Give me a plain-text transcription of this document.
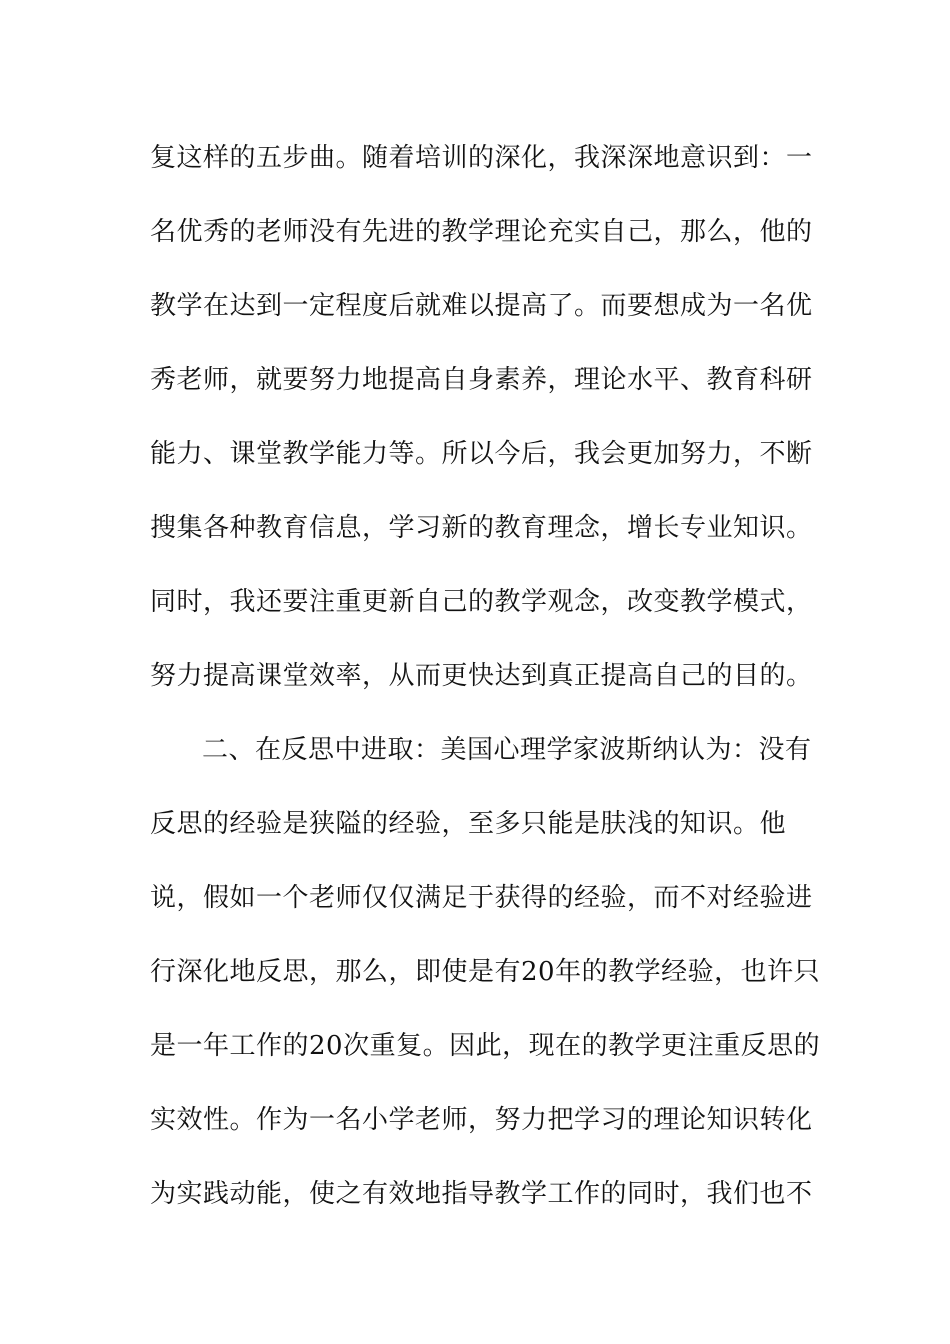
复这样的五步曲。随着培训的深化，我深深地意识到：一
名优秀的老师没有先进的教学理论充实自己，那么，他的
教学在达到一定程度后就难以提高了。而要想成为一名优
秀老师，就要努力地提高自身素养，理论水平、教育科研
能力、课堂教学能力等。所以今后，我会更加努力，不断
搜集各种教育信息，学习新的教育理念，增长专业知识。
同时，我还要注重更新自己的教学观念，改变教学模式，
努力提高课堂效率，从而更快达到真正提高自己的目的。
二、在反思中进取：美国心理学家波斯纳认为：没有
反思的经验是狭隘的经验，至多只能是肤浅的知识。他
说，假如一个老师仅仅满足于获得的经验，而不对经验进
行深化地反思，那么，即使是有20年的教学经验，也许只
是一年工作的20次重复。因此，现在的教学更注重反思的
实效性。作为一名小学老师，努力把学习的理论知识转化
为实践动能，使之有效地指导教学工作的同时，我们也不
